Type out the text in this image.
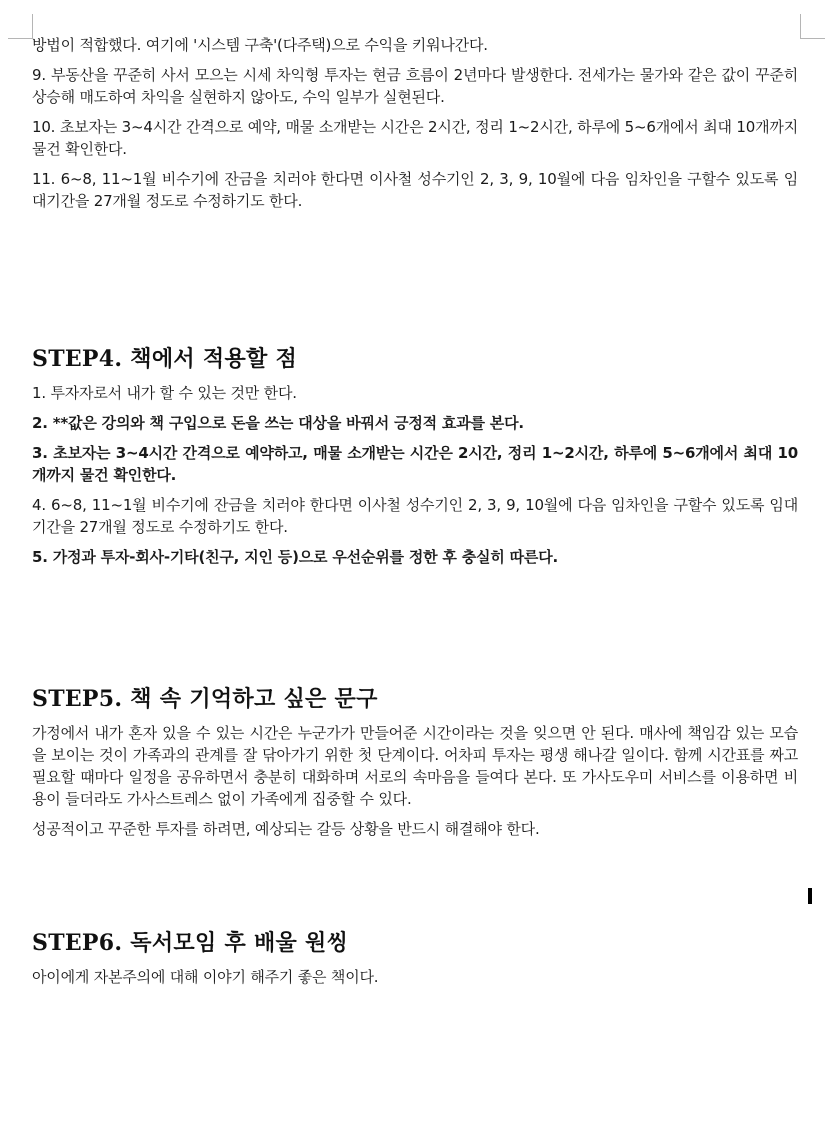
방법이 적합했다. 여기에 '시스템 구축'(다주택)으로 수익을 키워나간다.

9. 부동산을 꾸준히 사서 모으는 시세 차익형 투자는 현금 흐름이 2년마다 발생한다. 전세가는 물가와 같은 값이 꾸준히 상승해 매도하여 차익을 실현하지 않아도, 수익 일부가 실현된다.

10. 초보자는 3~4시간 간격으로 예약, 매물 소개받는 시간은 2시간, 정리 1~2시간, 하루에 5~6개에서 최대 10개까지 물건 확인한다.

11. 6~8, 11~1월 비수기에 잔금을 치러야 한다면 이사철 성수기인 2, 3, 9, 10월에 다음 임차인을 구할수 있도록 임대기간을 27개월 정도로 수정하기도 한다.

STEP4. 책에서 적용할 점

1. 투자자로서 내가 할 수 있는 것만 한다.

2. **값은 강의와 책 구입으로 돈을 쓰는 대상을 바꿔서 긍정적 효과를 본다.

3. 초보자는 3~4시간 간격으로 예약하고, 매물 소개받는 시간은 2시간, 정리 1~2시간, 하루에 5~6개에서 최대 10개까지 물건 확인한다.

4. 6~8, 11~1월 비수기에 잔금을 치러야 한다면 이사철 성수기인 2, 3, 9, 10월에 다음 임차인을 구할수 있도록 임대기간을 27개월 정도로 수정하기도 한다.

5. 가정과 투자-회사-기타(친구, 지인 등)으로 우선순위를 정한 후 충실히 따른다.

STEP5. 책 속 기억하고 싶은 문구

가정에서 내가 혼자 있을 수 있는 시간은 누군가가 만들어준 시간이라는 것을 잊으면 안 된다. 매사에 책임감 있는 모습을 보이는 것이 가족과의 관계를 잘 닦아가기 위한 첫 단계이다. 어차피 투자는 평생 해나갈 일이다. 함께 시간표를 짜고 필요할 때마다 일정을 공유하면서 충분히 대화하며 서로의 속마음을 들여다 본다. 또 가사도우미 서비스를 이용하면 비용이 들더라도 가사스트레스 없이 가족에게 집중할 수 있다.

성공적이고 꾸준한 투자를 하려면, 예상되는 갈등 상황을 반드시 해결해야 한다.

STEP6. 독서모임 후 배울 원씽

아이에게 자본주의에 대해 이야기 해주기 좋은 책이다.
